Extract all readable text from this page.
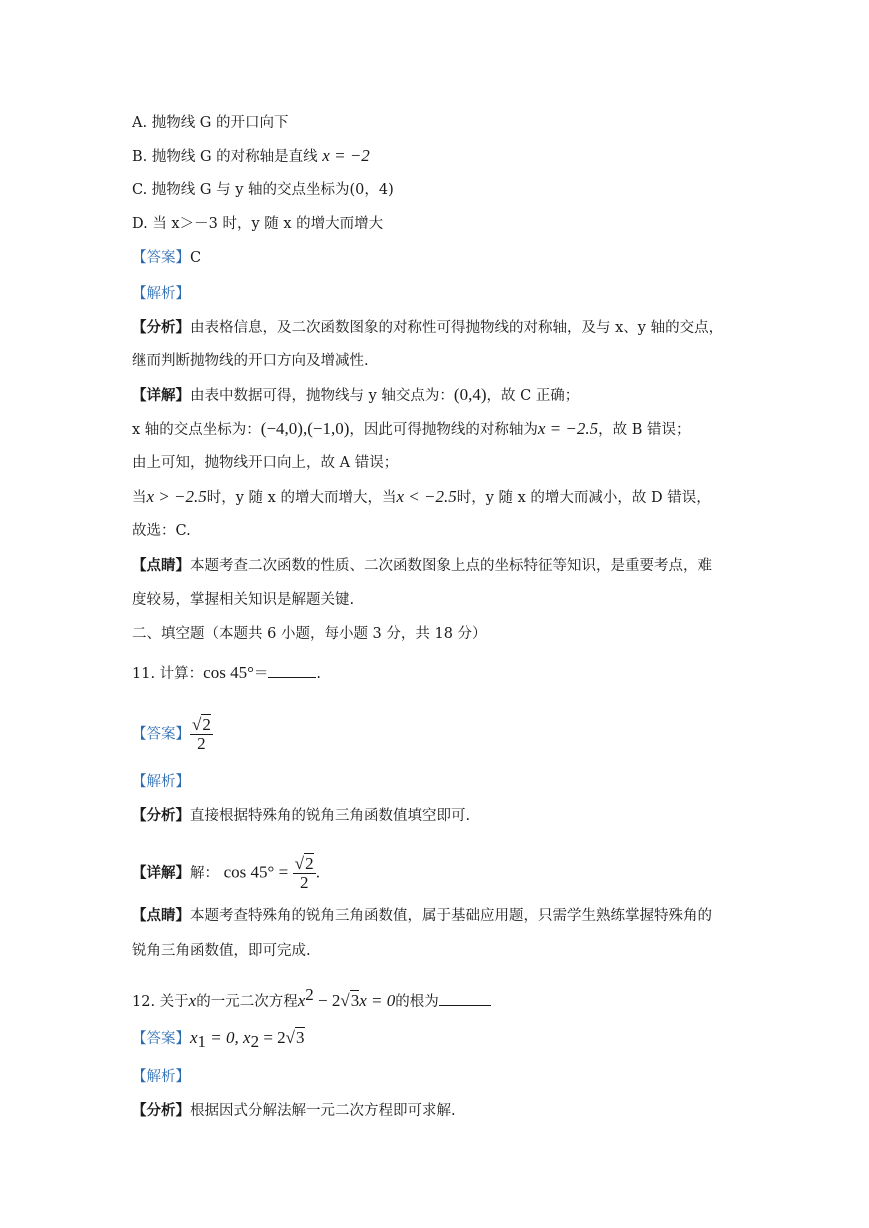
A. 抛物线 G 的开口向下
B. 抛物线 G 的对称轴是直线 x = −2
C. 抛物线 G 与 y 轴的交点坐标为(0，4)
D. 当 x＞－3 时，y 随 x 的增大而增大
【答案】C
【解析】
【分析】由表格信息，及二次函数图象的对称性可得抛物线的对称轴，及与 x、y 轴的交点，
继而判断抛物线的开口方向及增减性.
【详解】由表中数据可得，抛物线与 y 轴交点为：(0,4)，故 C 正确；
x 轴的交点坐标为：(−4,0),(−1,0)，因此可得抛物线的对称轴为x = −2.5，故 B 错误；
由上可知，抛物线开口向上，故 A 错误；
当x > −2.5时，y 随 x 的增大而增大，当x < −2.5时，y 随 x 的增大而减小，故 D 错误，
故选：C.
【点睛】本题考查二次函数的性质、二次函数图象上点的坐标特征等知识，是重要考点，难
度较易，掌握相关知识是解题关键.
二、填空题（本题共 6 小题，每小题 3 分，共 18 分）
11. 计算：cos 45°＝	.
【答案】 $\frac{√2}{2}$
【解析】
【分析】直接根据特殊角的锐角三角函数值填空即可.
【详解】解： $\cos 45^\circ = \frac{√2}{2}$ .
【点睛】本题考查特殊角的锐角三角函数值，属于基础应用题，只需学生熟练掌握特殊角的
锐角三角函数值，即可完成.
12. 关于x的一元二次方程$x^2 - 2√3x = 0$的根为
【答案】$x_1 = 0$, $x_2 = 2√3$
【解析】
【分析】根据因式分解法解一元二次方程即可求解.
